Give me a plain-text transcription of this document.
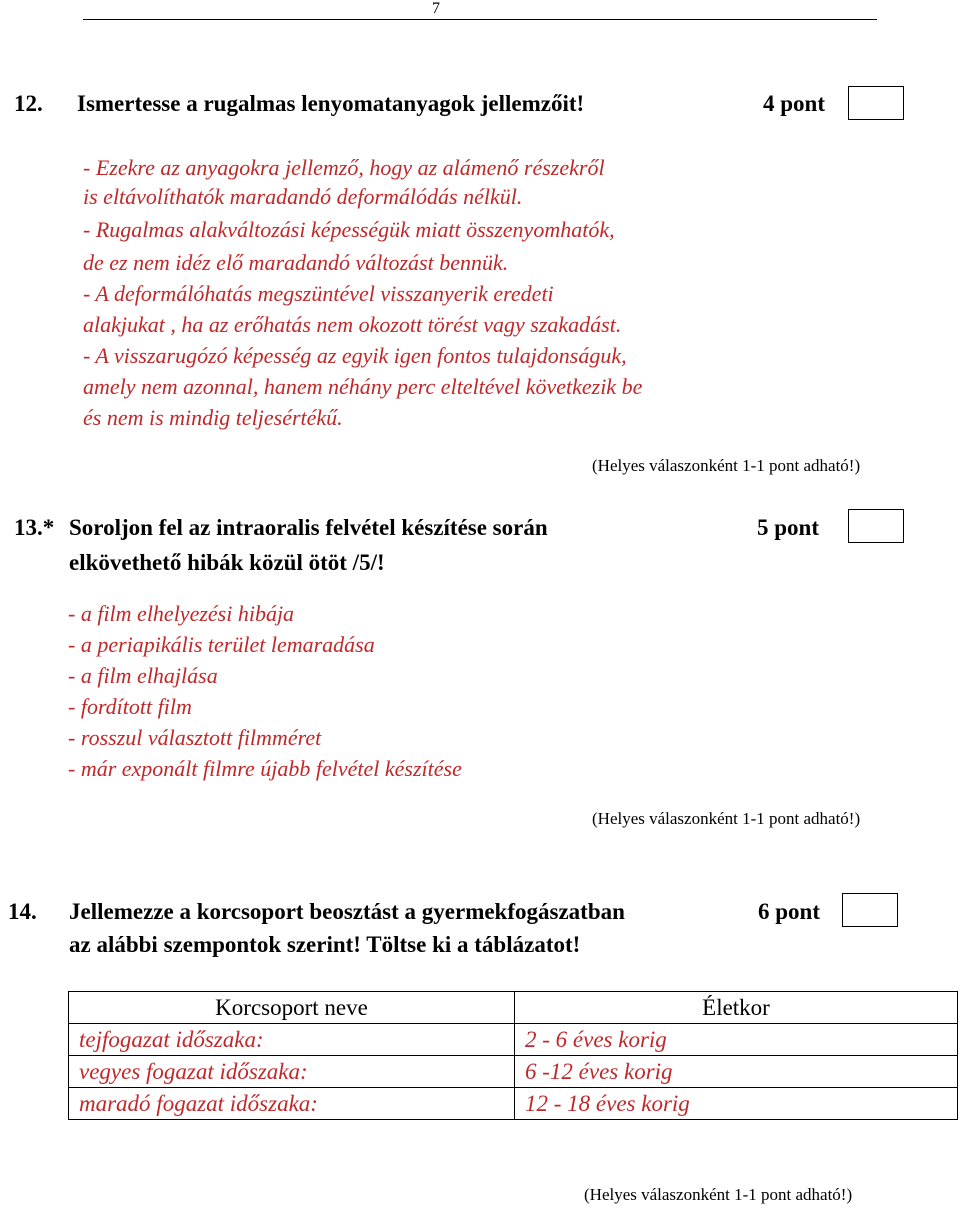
7
12. Ismertesse a rugalmas lenyomatanyagok jellemzőit!	4 pont
- Ezekre az anyagokra jellemző, hogy az alámenő részekről
is eltávolíthatók maradandó deformálódás nélkül.
- Rugalmas alakváltozási képességük miatt összenyomhatók,
de ez nem idéz elő maradandó változást bennük.
- A deformálóhatás megszüntével visszanyerik eredeti
alakjukat , ha az erőhatás nem okozott törést vagy szakadást.
- A visszarugózó képesség az egyik igen fontos tulajdonságuk,
amely nem azonnal, hanem néhány perc elteltével következik be
és nem is mindig teljesértékű.
(Helyes válaszonként 1-1 pont adható!)
13.* Soroljon fel az intraoralis felvétel készítése során
elkövethető hibák közül ötöt /5/!
5 pont
- a film elhelyezési hibája
- a periapikális terület lemaradása
- a film elhajlása
- fordított film
- rosszul választott filmméret
- már exponált filmre újabb felvétel készítése
(Helyes válaszonként 1-1 pont adható!)
14. Jellemezze a korcsoport beosztást a gyermekfogászatban
az alábbi szempontok szerint! Töltse ki a táblázatot!
6 pont
Korcsoport neve	Életkor
tejfogazat időszaka:	2 - 6 éves korig
vegyes fogazat időszaka:	6 -12 éves korig
maradó fogazat időszaka:	12 - 18 éves korig
(Helyes válaszonként 1-1 pont adható!)
